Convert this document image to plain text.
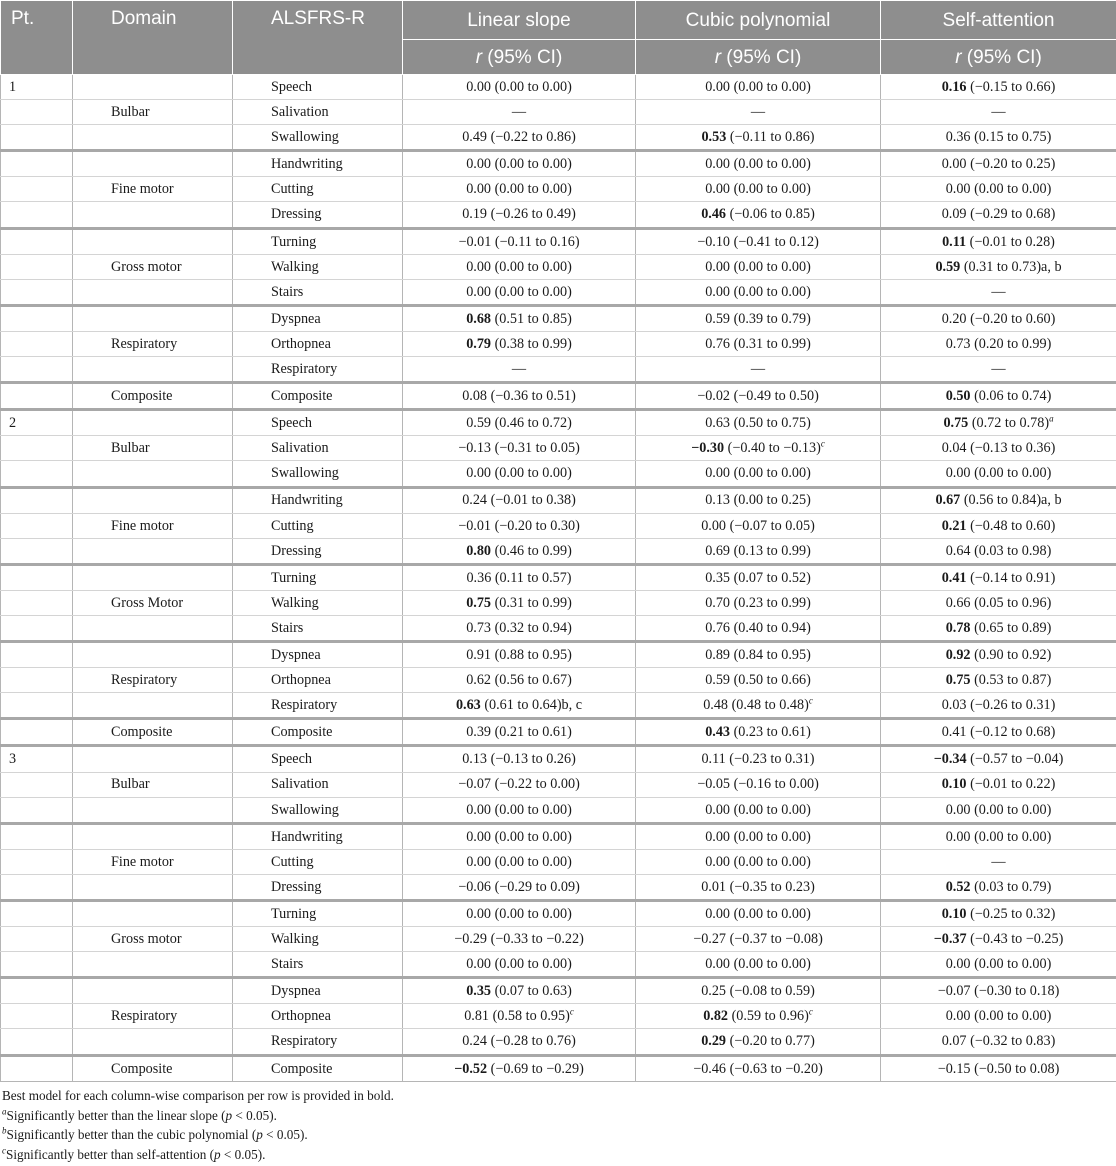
Pt.	Domain	ALSFRS-R	Linear slope	Cubic polynomial	Self-attention
			r (95% CI)	r (95% CI)	r (95% CI)
1		Speech	0.00 (0.00 to 0.00)	0.00 (0.00 to 0.00)	0.16 (−0.15 to 0.66)
	Bulbar	Salivation	—	—	—
		Swallowing	0.49 (−0.22 to 0.86)	0.53 (−0.11 to 0.86)	0.36 (0.15 to 0.75)
		Handwriting	0.00 (0.00 to 0.00)	0.00 (0.00 to 0.00)	0.00 (−0.20 to 0.25)
	Fine motor	Cutting	0.00 (0.00 to 0.00)	0.00 (0.00 to 0.00)	0.00 (0.00 to 0.00)
		Dressing	0.19 (−0.26 to 0.49)	0.46 (−0.06 to 0.85)	0.09 (−0.29 to 0.68)
		Turning	−0.01 (−0.11 to 0.16)	−0.10 (−0.41 to 0.12)	0.11 (−0.01 to 0.28)
	Gross motor	Walking	0.00 (0.00 to 0.00)	0.00 (0.00 to 0.00)	0.59 (0.31 to 0.73)a, b
		Stairs	0.00 (0.00 to 0.00)	0.00 (0.00 to 0.00)	—
		Dyspnea	0.68 (0.51 to 0.85)	0.59 (0.39 to 0.79)	0.20 (−0.20 to 0.60)
	Respiratory	Orthopnea	0.79 (0.38 to 0.99)	0.76 (0.31 to 0.99)	0.73 (0.20 to 0.99)
		Respiratory	—	—	—
	Composite	Composite	0.08 (−0.36 to 0.51)	−0.02 (−0.49 to 0.50)	0.50 (0.06 to 0.74)
2		Speech	0.59 (0.46 to 0.72)	0.63 (0.50 to 0.75)	0.75 (0.72 to 0.78)$^a$
	Bulbar	Salivation	−0.13 (−0.31 to 0.05)	−0.30 (−0.40 to −0.13)$^c$	0.04 (−0.13 to 0.36)
		Swallowing	0.00 (0.00 to 0.00)	0.00 (0.00 to 0.00)	0.00 (0.00 to 0.00)
		Handwriting	0.24 (−0.01 to 0.38)	0.13 (0.00 to 0.25)	0.67 (0.56 to 0.84)a, b
	Fine motor	Cutting	−0.01 (−0.20 to 0.30)	0.00 (−0.07 to 0.05)	0.21 (−0.48 to 0.60)
		Dressing	0.80 (0.46 to 0.99)	0.69 (0.13 to 0.99)	0.64 (0.03 to 0.98)
		Turning	0.36 (0.11 to 0.57)	0.35 (0.07 to 0.52)	0.41 (−0.14 to 0.91)
	Gross Motor	Walking	0.75 (0.31 to 0.99)	0.70 (0.23 to 0.99)	0.66 (0.05 to 0.96)
		Stairs	0.73 (0.32 to 0.94)	0.76 (0.40 to 0.94)	0.78 (0.65 to 0.89)
		Dyspnea	0.91 (0.88 to 0.95)	0.89 (0.84 to 0.95)	0.92 (0.90 to 0.92)
	Respiratory	Orthopnea	0.62 (0.56 to 0.67)	0.59 (0.50 to 0.66)	0.75 (0.53 to 0.87)
		Respiratory	0.63 (0.61 to 0.64)b, c	0.48 (0.48 to 0.48)$^c$	0.03 (−0.26 to 0.31)
	Composite	Composite	0.39 (0.21 to 0.61)	0.43 (0.23 to 0.61)	0.41 (−0.12 to 0.68)
3		Speech	0.13 (−0.13 to 0.26)	0.11 (−0.23 to 0.31)	−0.34 (−0.57 to −0.04)
	Bulbar	Salivation	−0.07 (−0.22 to 0.00)	−0.05 (−0.16 to 0.00)	0.10 (−0.01 to 0.22)
		Swallowing	0.00 (0.00 to 0.00)	0.00 (0.00 to 0.00)	0.00 (0.00 to 0.00)
		Handwriting	0.00 (0.00 to 0.00)	0.00 (0.00 to 0.00)	0.00 (0.00 to 0.00)
	Fine motor	Cutting	0.00 (0.00 to 0.00)	0.00 (0.00 to 0.00)	—
		Dressing	−0.06 (−0.29 to 0.09)	0.01 (−0.35 to 0.23)	0.52 (0.03 to 0.79)
		Turning	0.00 (0.00 to 0.00)	0.00 (0.00 to 0.00)	0.10 (−0.25 to 0.32)
	Gross motor	Walking	−0.29 (−0.33 to −0.22)	−0.27 (−0.37 to −0.08)	−0.37 (−0.43 to −0.25)
		Stairs	0.00 (0.00 to 0.00)	0.00 (0.00 to 0.00)	0.00 (0.00 to 0.00)
		Dyspnea	0.35 (0.07 to 0.63)	0.25 (−0.08 to 0.59)	−0.07 (−0.30 to 0.18)
	Respiratory	Orthopnea	0.81 (0.58 to 0.95)$^c$	0.82 (0.59 to 0.96)$^c$	0.00 (0.00 to 0.00)
		Respiratory	0.24 (−0.28 to 0.76)	0.29 (−0.20 to 0.77)	0.07 (−0.32 to 0.83)
	Composite	Composite	−0.52 (−0.69 to −0.29)	−0.46 (−0.63 to −0.20)	−0.15 (−0.50 to 0.08)
Best model for each column-wise comparison per row is provided in bold.
$^a$Significantly better than the linear slope (p < 0.05).
$^b$Significantly better than the cubic polynomial (p < 0.05).
$^c$Significantly better than self-attention (p < 0.05).
